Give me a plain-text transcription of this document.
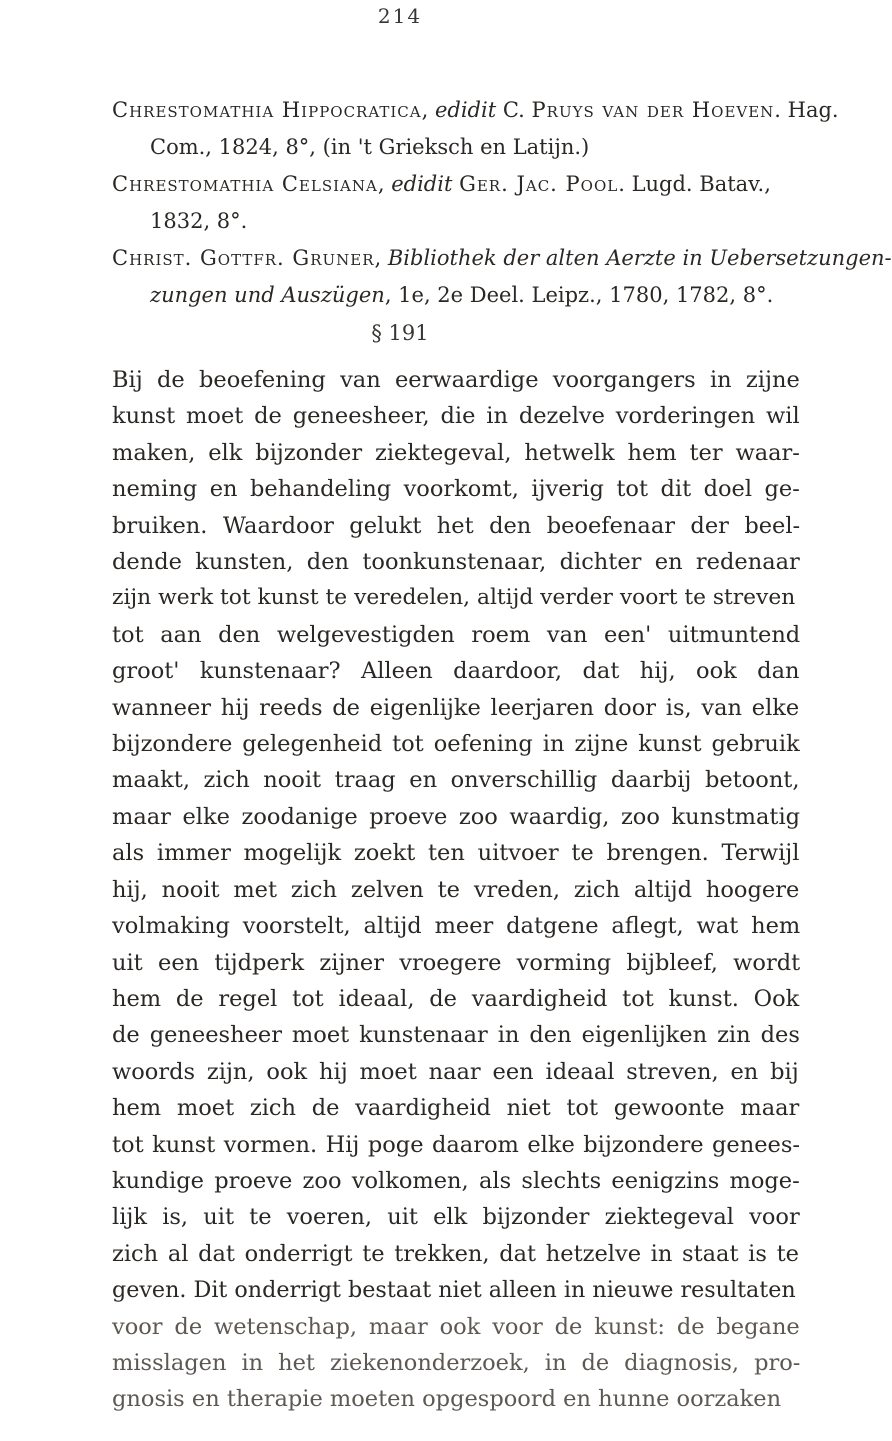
214
Chrestomathia Hippocratica, edidit C. Pruys van der Hoeven. Hag.
Com., 1824, 8°, (in 't Grieksch en Latijn.)
Chrestomathia Celsiana, edidit Ger. Jac. Pool. Lugd. Batav.,
1832, 8°.
Christ. Gottfr. Gruner, Bibliothek der alten Aerzte in Uebersetzungen-
zungen und Auszügen, 1e, 2e Deel. Leipz., 1780, 1782, 8°.
§ 191
Bij de beoefening van eerwaardige voorgangers in zijne
kunst moet de geneesheer, die in dezelve vorderingen wil
maken, elk bijzonder ziektegeval, hetwelk hem ter waar-
neming en behandeling voorkomt, ijverig tot dit doel ge-
bruiken. Waardoor gelukt het den beoefenaar der beel-
dende kunsten, den toonkunstenaar, dichter en redenaar
zijn werk tot kunst te veredelen, altijd verder voort te streven
tot aan den welgevestigden roem van een' uitmuntend
groot' kunstenaar? Alleen daardoor, dat hij, ook dan
wanneer hij reeds de eigenlijke leerjaren door is, van elke
bijzondere gelegenheid tot oefening in zijne kunst gebruik
maakt, zich nooit traag en onverschillig daarbij betoont,
maar elke zoodanige proeve zoo waardig, zoo kunstmatig
als immer mogelijk zoekt ten uitvoer te brengen. Terwijl
hij, nooit met zich zelven te vreden, zich altijd hoogere
volmaking voorstelt, altijd meer datgene aflegt, wat hem
uit een tijdperk zijner vroegere vorming bijbleef, wordt
hem de regel tot ideaal, de vaardigheid tot kunst. Ook
de geneesheer moet kunstenaar in den eigenlijken zin des
woords zijn, ook hij moet naar een ideaal streven, en bij
hem moet zich de vaardigheid niet tot gewoonte maar
tot kunst vormen. Hij poge daarom elke bijzondere genees-
kundige proeve zoo volkomen, als slechts eenigzins moge-
lijk is, uit te voeren, uit elk bijzonder ziektegeval voor
zich al dat onderrigt te trekken, dat hetzelve in staat is te
geven. Dit onderrigt bestaat niet alleen in nieuwe resultaten
voor de wetenschap, maar ook voor de kunst: de begane
misslagen in het ziekenonderzoek, in de diagnosis, pro-
gnosis en therapie moeten opgespoord en hunne oorzaken
